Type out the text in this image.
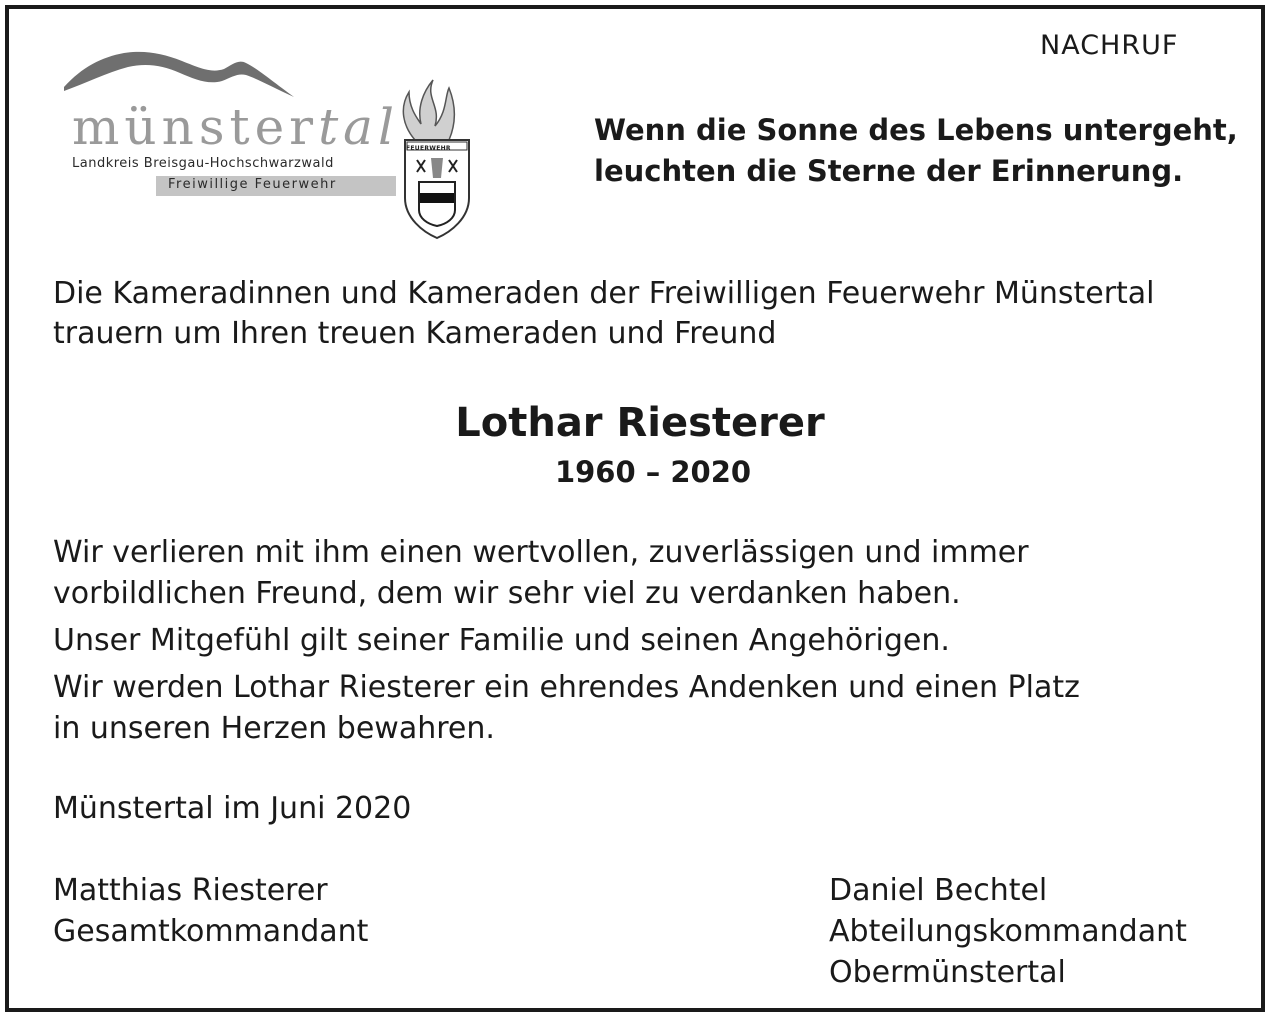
NACHRUF
münstertal
Landkreis Breisgau-Hochschwarzwald
Freiwillige Feuerwehr
FEUERWEHR
Wenn die Sonne des Lebens untergeht,
leuchten die Sterne der Erinnerung.
Die Kameradinnen und Kameraden der Freiwilligen Feuerwehr Münstertal
trauern um Ihren treuen Kameraden und Freund
Lothar Riesterer
1960 – 2020
Wir verlieren mit ihm einen wertvollen, zuverlässigen und immer
vorbildlichen Freund, dem wir sehr viel zu verdanken haben.
Unser Mitgefühl gilt seiner Familie und seinen Angehörigen.
Wir werden Lothar Riesterer ein ehrendes Andenken und einen Platz
in unseren Herzen bewahren.
Münstertal im Juni 2020
Matthias Riesterer
Gesamtkommandant
Daniel Bechtel
Abteilungskommandant
Obermünstertal
